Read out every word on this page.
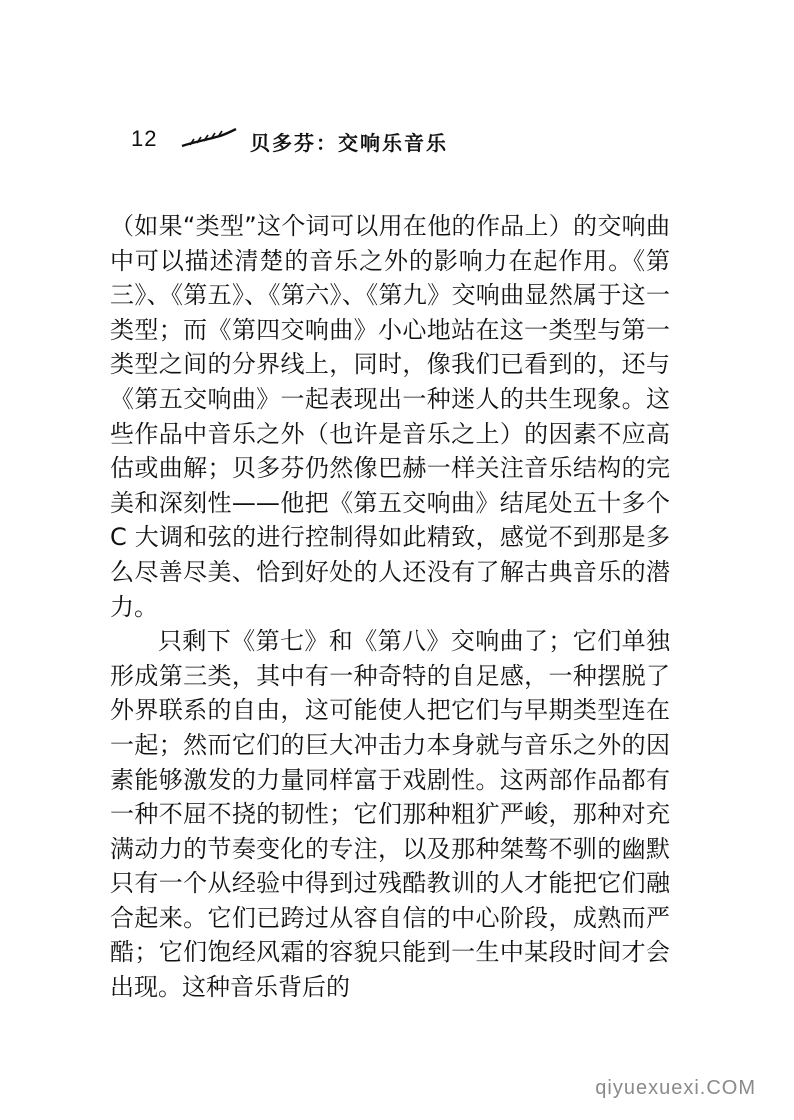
12	贝多芬：交响乐音乐

（如果“类型”这个词可以用在他的作品上）的交响曲中可以描述清楚的音乐之外的影响力在起作用。《第三》、《第五》、《第六》、《第九》交响曲显然属于这一类型；而《第四交响曲》小心地站在这一类型与第一类型之间的分界线上，同时，像我们已看到的，还与《第五交响曲》一起表现出一种迷人的共生现象。这些作品中音乐之外（也许是音乐之上）的因素不应高估或曲解；贝多芬仍然像巴赫一样关注音乐结构的完美和深刻性——他把《第五交响曲》结尾处五十多个 C 大调和弦的进行控制得如此精致，感觉不到那是多么尽善尽美、恰到好处的人还没有了解古典音乐的潜力。

只剩下《第七》和《第八》交响曲了；它们单独形成第三类，其中有一种奇特的自足感，一种摆脱了外界联系的自由，这可能使人把它们与早期类型连在一起；然而它们的巨大冲击力本身就与音乐之外的因素能够激发的力量同样富于戏剧性。这两部作品都有一种不屈不挠的韧性；它们那种粗犷严峻，那种对充满动力的节奏变化的专注，以及那种桀骜不驯的幽默只有一个从经验中得到过残酷教训的人才能把它们融合起来。它们已跨过从容自信的中心阶段，成熟而严酷；它们饱经风霜的容貌只能到一生中某段时间才会出现。这种音乐背后的

qiyuexuexi.COM
